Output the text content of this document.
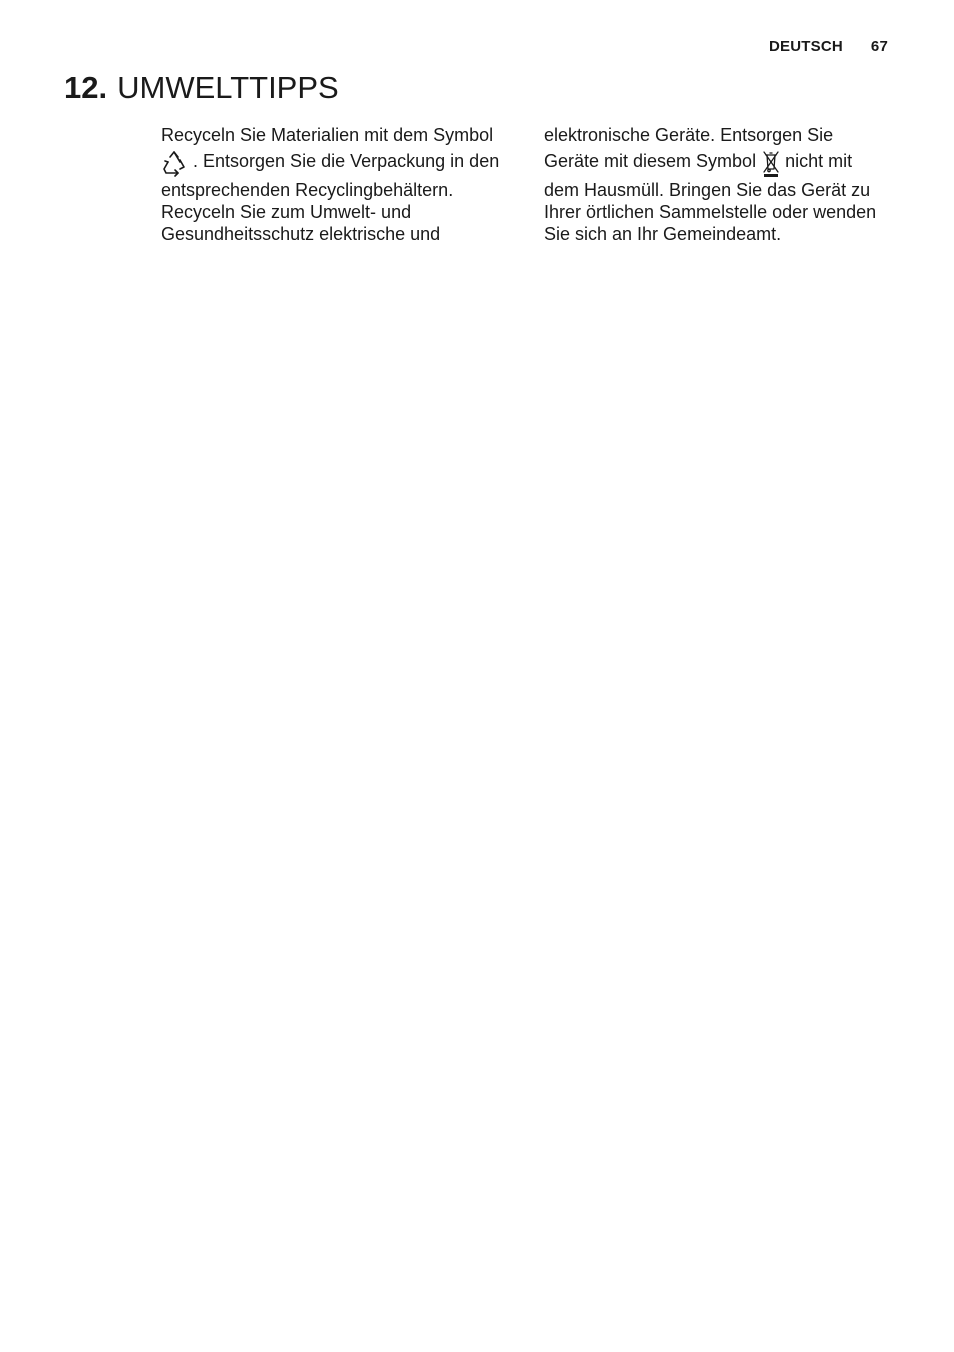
DEUTSCH 67
12. UMWELTTIPPS
Recyceln Sie Materialien mit dem Symbol
. Entsorgen Sie die Verpackung in den
entsprechenden Recyclingbehältern.
Recyceln Sie zum Umwelt- und
Gesundheitsschutz elektrische und
elektronische Geräte. Entsorgen Sie
Geräte mit diesem Symbol nicht mit
dem Hausmüll. Bringen Sie das Gerät zu
Ihrer örtlichen Sammelstelle oder wenden
Sie sich an Ihr Gemeindeamt.
